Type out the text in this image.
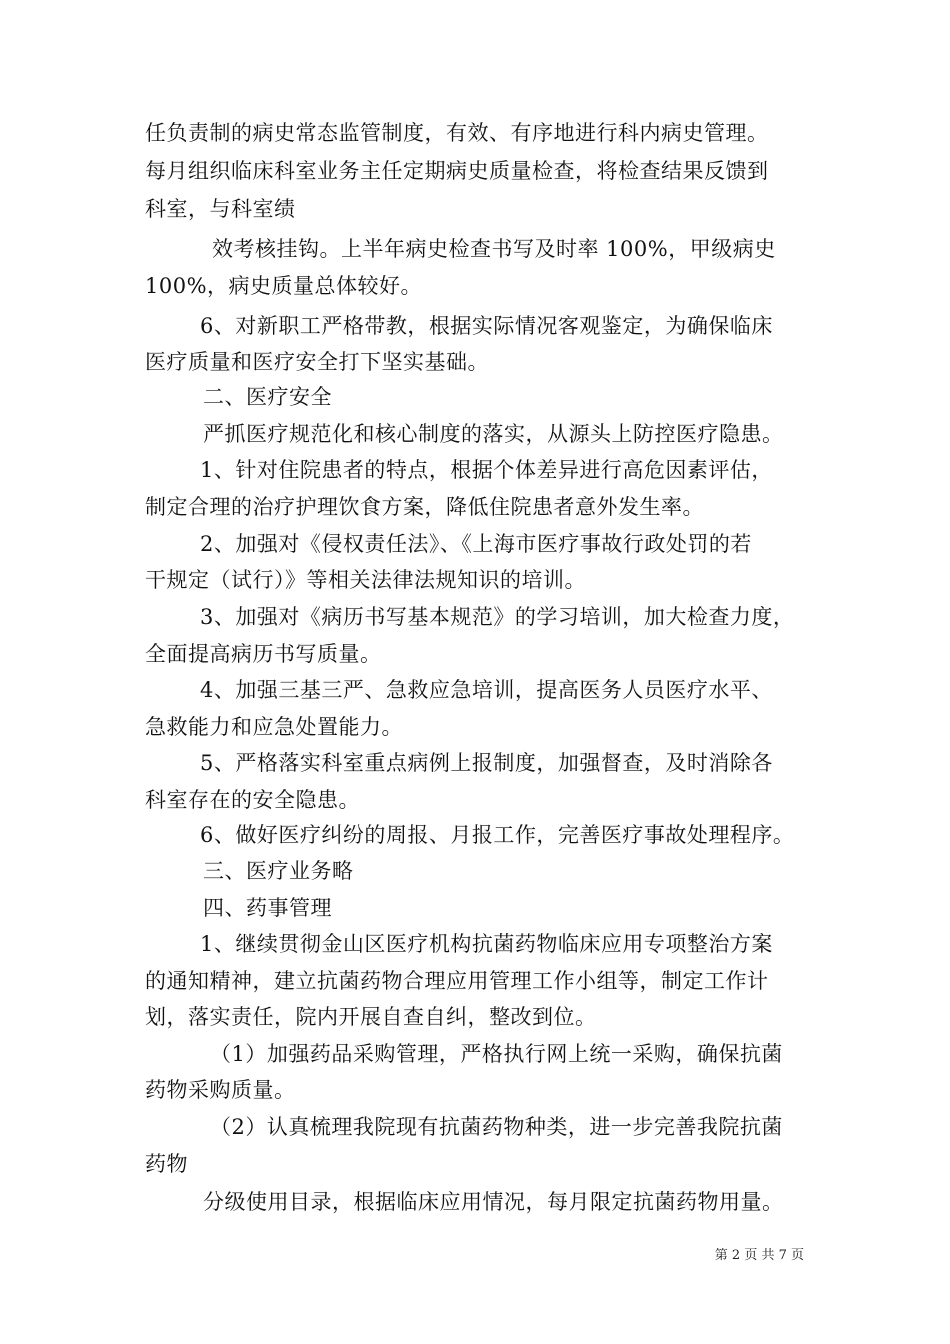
任负责制的病史常态监管制度，有效、有序地进行科内病史管理。
每月组织临床科室业务主任定期病史质量检查，将检查结果反馈到
科室，与科室绩
效考核挂钩。上半年病史检查书写及时率 100%，甲级病史
100%，病史质量总体较好。
6、对新职工严格带教，根据实际情况客观鉴定，为确保临床
医疗质量和医疗安全打下坚实基础。
二、医疗安全
严抓医疗规范化和核心制度的落实，从源头上防控医疗隐患。
1、针对住院患者的特点，根据个体差异进行高危因素评估，
制定合理的治疗护理饮食方案，降低住院患者意外发生率。
2、加强对《侵权责任法》、《上海市医疗事故行政处罚的若
干规定（试行）》等相关法律法规知识的培训。
3、加强对《病历书写基本规范》的学习培训，加大检查力度，
全面提高病历书写质量。
4、加强三基三严、急救应急培训，提高医务人员医疗水平、
急救能力和应急处置能力。
5、严格落实科室重点病例上报制度，加强督查，及时消除各
科室存在的安全隐患。
6、做好医疗纠纷的周报、月报工作，完善医疗事故处理程序。
三、医疗业务略
四、药事管理
1、继续贯彻金山区医疗机构抗菌药物临床应用专项整治方案
的通知精神，建立抗菌药物合理应用管理工作小组等，制定工作计
划，落实责任，院内开展自查自纠，整改到位。
（1）加强药品采购管理，严格执行网上统一采购，确保抗菌
药物采购质量。
（2）认真梳理我院现有抗菌药物种类，进一步完善我院抗菌
药物
分级使用目录，根据临床应用情况，每月限定抗菌药物用量。
第 2 页 共 7 页
